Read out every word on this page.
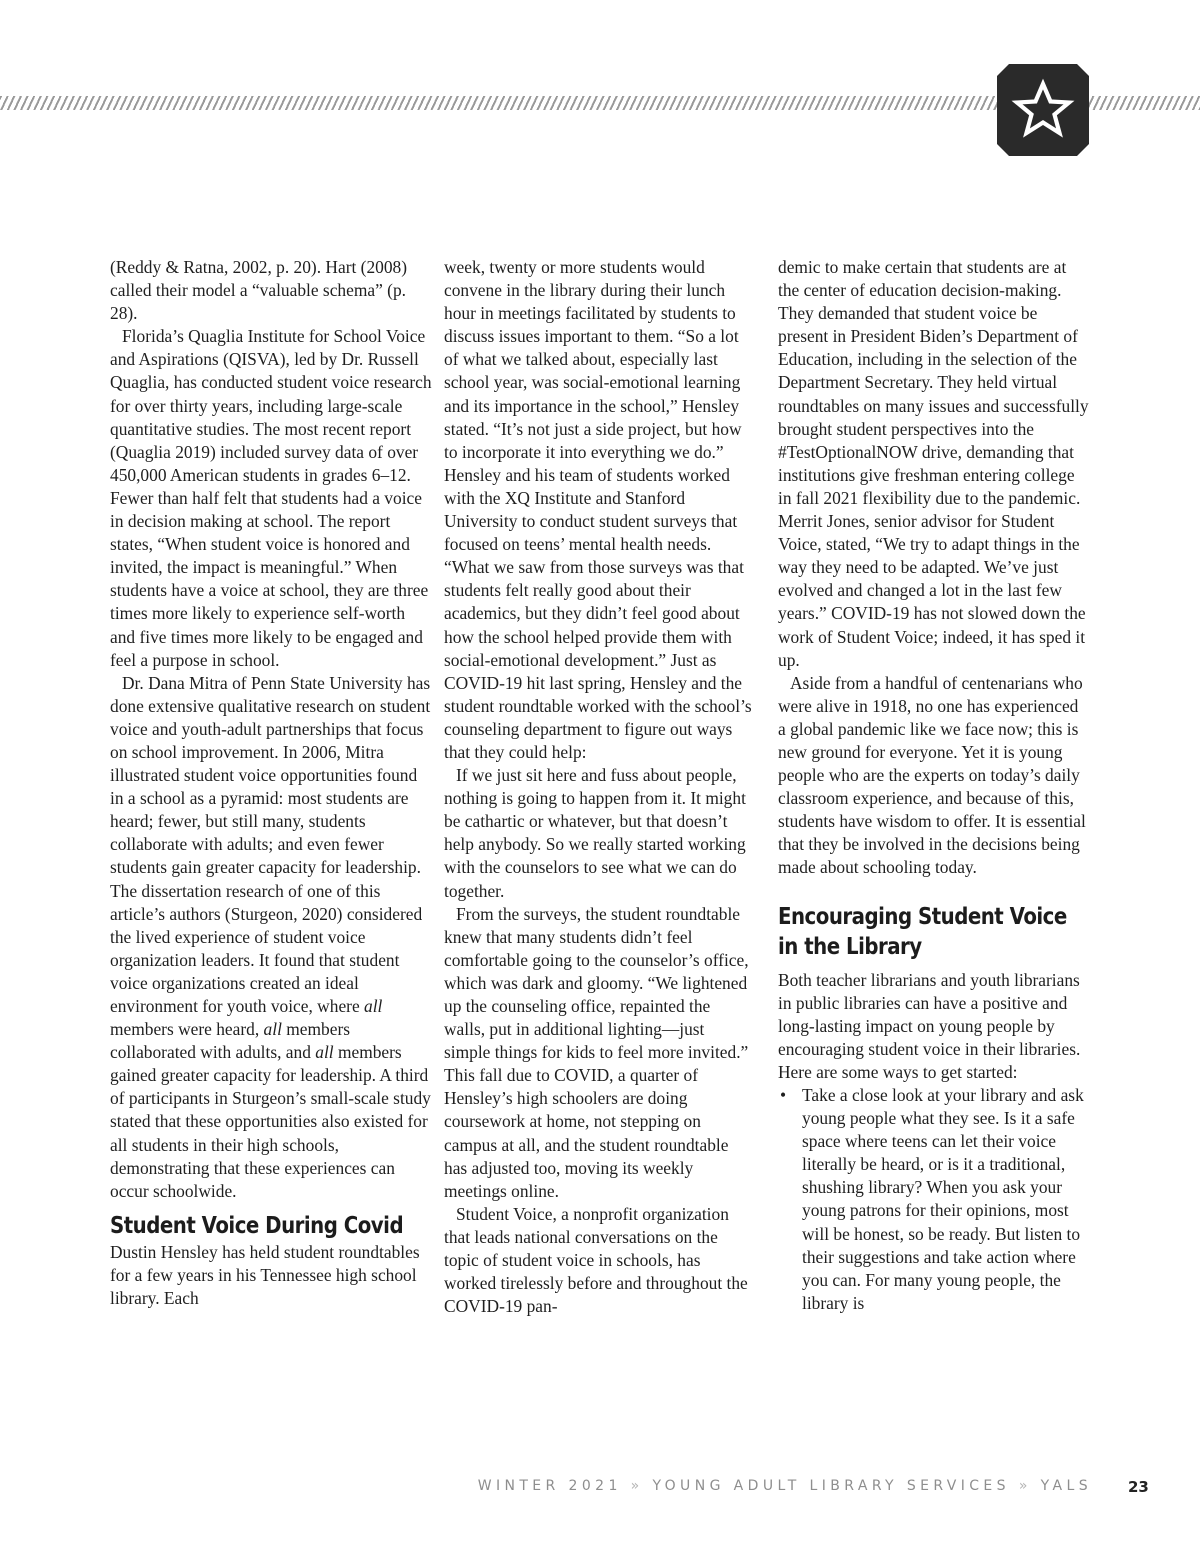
(Reddy & Ratna, 2002, p. 20). Hart (2008) called their model a “valuable schema” (p. 28).

Florida’s Quaglia Institute for School Voice and Aspirations (QISVA), led by Dr. Russell Quaglia, has conducted student voice research for over thirty years, including large-scale quantitative studies. The most recent report (Quaglia 2019) included survey data of over 450,000 American students in grades 6–12. Fewer than half felt that students had a voice in decision making at school. The report states, “When student voice is honored and invited, the impact is meaningful.” When students have a voice at school, they are three times more likely to experience self-worth and five times more likely to be engaged and feel a purpose in school.

Dr. Dana Mitra of Penn State University has done extensive qualitative research on student voice and youth-adult partnerships that focus on school improvement. In 2006, Mitra illustrated student voice opportunities found in a school as a pyramid: most students are heard; fewer, but still many, students collaborate with adults; and even fewer students gain greater capacity for leadership. The dissertation research of one of this article’s authors (Sturgeon, 2020) considered the lived experience of student voice organization leaders. It found that student voice organizations created an ideal environment for youth voice, where all members were heard, all members collaborated with adults, and all members gained greater capacity for leadership. A third of participants in Sturgeon’s small-scale study stated that these opportunities also existed for all students in their high schools, demonstrating that these experiences can occur schoolwide.

Student Voice During Covid

Dustin Hensley has held student roundtables for a few years in his Tennessee high school library. Each

week, twenty or more students would convene in the library during their lunch hour in meetings facilitated by students to discuss issues important to them. “So a lot of what we talked about, especially last school year, was social-emotional learning and its importance in the school,” Hensley stated. “It’s not just a side project, but how to incorporate it into everything we do.” Hensley and his team of students worked with the XQ Institute and Stanford University to conduct student surveys that focused on teens’ mental health needs. “What we saw from those surveys was that students felt really good about their academics, but they didn’t feel good about how the school helped provide them with social-emotional development.” Just as COVID-19 hit last spring, Hensley and the student roundtable worked with the school’s counseling department to figure out ways that they could help:

If we just sit here and fuss about people, nothing is going to happen from it. It might be cathartic or whatever, but that doesn’t help anybody. So we really started working with the counselors to see what we can do together.

From the surveys, the student roundtable knew that many students didn’t feel comfortable going to the counselor’s office, which was dark and gloomy. “We lightened up the counseling office, repainted the walls, put in additional lighting—just simple things for kids to feel more invited.” This fall due to COVID, a quarter of Hensley’s high schoolers are doing coursework at home, not stepping on campus at all, and the student roundtable has adjusted too, moving its weekly meetings online.

Student Voice, a nonprofit organization that leads national conversations on the topic of student voice in schools, has worked tirelessly before and throughout the COVID-19 pan-

demic to make certain that students are at the center of education decision-making. They demanded that student voice be present in President Biden’s Department of Education, including in the selection of the Department Secretary. They held virtual roundtables on many issues and successfully brought student perspectives into the #TestOptionalNOW drive, demanding that institutions give freshman entering college in fall 2021 flexibility due to the pandemic. Merrit Jones, senior advisor for Student Voice, stated, “We try to adapt things in the way they need to be adapted. We’ve just evolved and changed a lot in the last few years.” COVID-19 has not slowed down the work of Student Voice; indeed, it has sped it up.

Aside from a handful of centenarians who were alive in 1918, no one has experienced a global pandemic like we face now; this is new ground for everyone. Yet it is young people who are the experts on today’s daily classroom experience, and because of this, students have wisdom to offer. It is essential that they be involved in the decisions being made about schooling today.

Encouraging Student Voice
in the Library

Both teacher librarians and youth librarians in public libraries can have a positive and long-lasting impact on young people by encouraging student voice in their libraries. Here are some ways to get started:

• Take a close look at your library and ask young people what they see. Is it a safe space where teens can let their voice literally be heard, or is it a traditional, shushing library? When you ask your young patrons for their opinions, most will be honest, so be ready. But listen to their suggestions and take action where you can. For many young people, the library is
WINTER 2021 » YOUNG ADULT LIBRARY SERVICES » YALS 23
